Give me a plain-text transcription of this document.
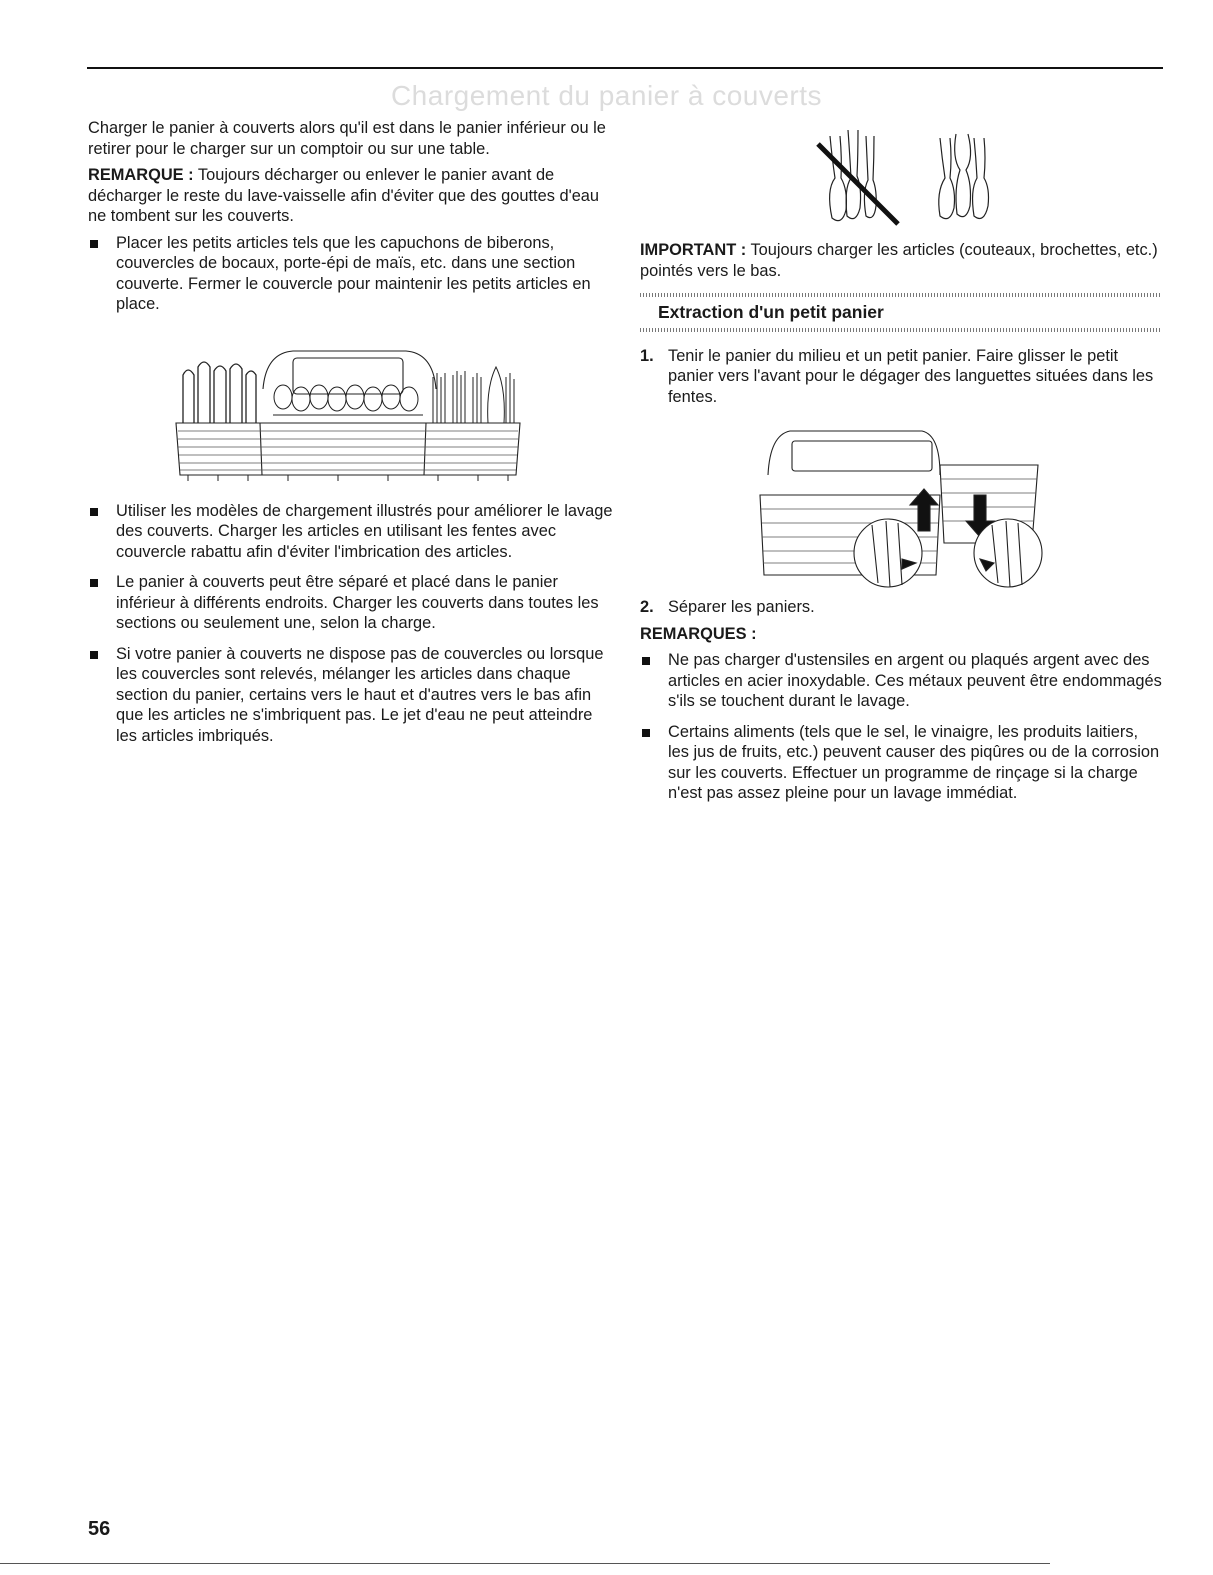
Chargement du panier à couverts

Charger le panier à couverts alors qu'il est dans le panier inférieur ou le retirer pour le charger sur un comptoir ou sur une table.

REMARQUE : Toujours décharger ou enlever le panier avant de décharger le reste du lave-vaisselle afin d'éviter que des gouttes d'eau ne tombent sur les couverts.

Placer les petits articles tels que les capuchons de biberons, couvercles de bocaux, porte-épi de maïs, etc. dans une section couverte. Fermer le couvercle pour maintenir les petits articles en place.
Utiliser les modèles de chargement illustrés pour améliorer le lavage des couverts. Charger les articles en utilisant les fentes avec couvercle rabattu afin d'éviter l'imbrication des articles.
Le panier à couverts peut être séparé et placé dans le panier inférieur à différents endroits. Charger les couverts dans toutes les sections ou seulement une, selon la charge.
Si votre panier à couverts ne dispose pas de couvercles ou lorsque les couvercles sont relevés, mélanger les articles dans chaque section du panier, certains vers le haut et d'autres vers le bas afin que les articles ne s'imbriquent pas. Le jet d'eau ne peut atteindre les articles imbriqués.

IMPORTANT : Toujours charger les articles (couteaux, brochettes, etc.) pointés vers le bas.

Extraction d'un petit panier
1. Tenir le panier du milieu et un petit panier. Faire glisser le petit panier vers l'avant pour le dégager des languettes situées dans les fentes.
2. Séparer les paniers.
REMARQUES :
Ne pas charger d'ustensiles en argent ou plaqués argent avec des articles en acier inoxydable. Ces métaux peuvent être endommagés s'ils se touchent durant le lavage.
Certains aliments (tels que le sel, le vinaigre, les produits laitiers, les jus de fruits, etc.) peuvent causer des piqûres ou de la corrosion sur les couverts. Effectuer un programme de rinçage si la charge n'est pas assez pleine pour un lavage immédiat.
56
